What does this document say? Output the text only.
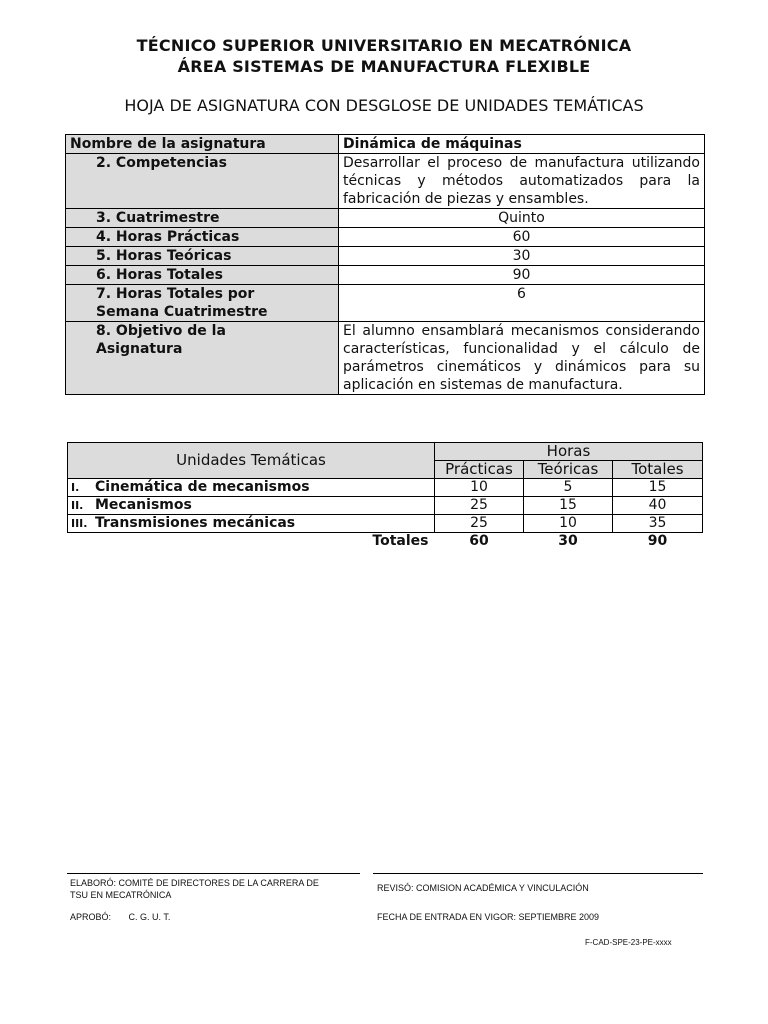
TÉCNICO SUPERIOR UNIVERSITARIO EN MECATRÓNICA
ÁREA SISTEMAS DE MANUFACTURA FLEXIBLE
HOJA DE ASIGNATURA CON DESGLOSE DE UNIDADES TEMÁTICAS
Nombre de la asignatura	Dinámica de máquinas
2. Competencias	Desarrollar el proceso de manufactura utilizando técnicas y métodos automatizados para la fabricación de piezas y ensambles.
3. Cuatrimestre	Quinto
4. Horas Prácticas	60
5. Horas Teóricas	30
6. Horas Totales	90

7. Horas Totales por
Semana Cuatrimestre	6

8. Objetivo de la
Asignatura	El alumno ensamblará mecanismos considerando características, funcionalidad y el cálculo de parámetros cinemáticos y dinámicos para su aplicación en sistemas de manufactura.
Unidades Temáticas	Horas		
	Prácticas	Teóricas	Totales
I. Cinemática de mecanismos	10	5	15
II. Mecanismos	25	15	40
III. Transmisiones mecánicas	25	10	35
Totales	60	30	90
ELABORÓ: COMITÉ DE DIRECTORES DE LA CARRERA DE
TSU EN MECATRÓNICA
APROBÓ:       C. G. U. T.
REVISÓ: COMISION ACADÉMICA Y VINCULACIÓN
FECHA DE ENTRADA EN VIGOR: SEPTIEMBRE 2009
F-CAD-SPE-23-PE-xxxx
